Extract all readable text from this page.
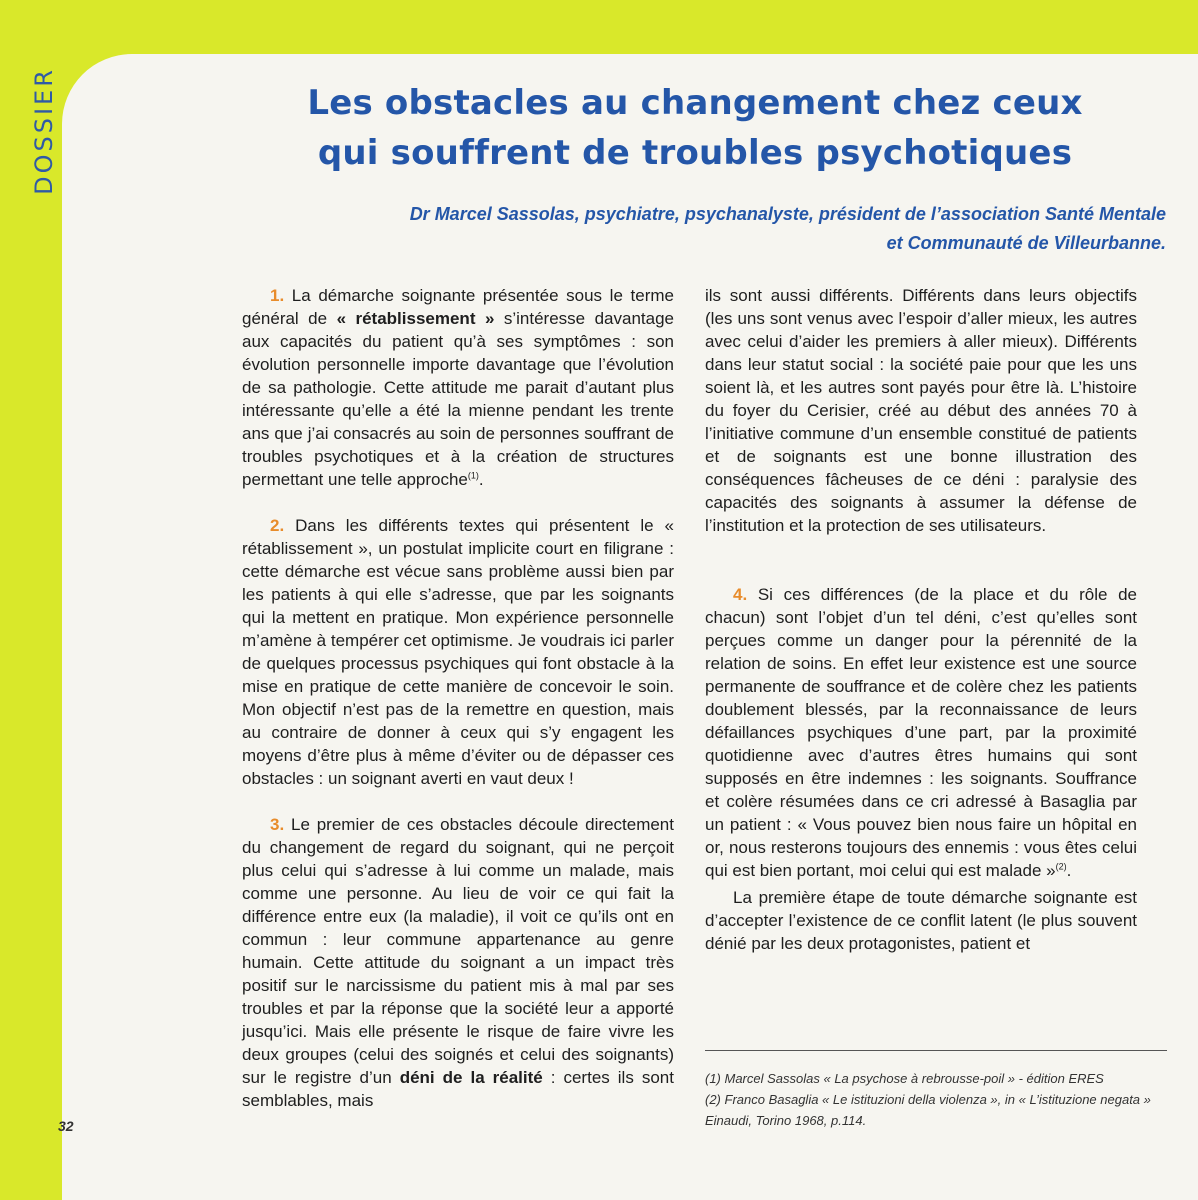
DOSSIER	Les obstacles au changement chez ceux
qui souffrent de troubles psychotiques

Dr Marcel Sassolas, psychiatre, psychanalyste, président de l’association Santé Mentale
et Communauté de Villeurbanne.

1. La démarche soignante présentée sous le terme général de « rétablissement » s’intéresse davantage aux capacités du patient qu’à ses symptômes : son évolution personnelle importe davantage que l’évolution de sa pathologie. Cette attitude me parait d’autant plus intéressante qu’elle a été la mienne pendant les trente ans que j’ai consacrés au soin de personnes souffrant de troubles psychotiques et à la création de structures permettant une telle approche$^{(1)}$.

2. Dans les différents textes qui présentent le « rétablissement », un postulat implicite court en filigrane : cette démarche est vécue sans problème aussi bien par les patients à qui elle s’adresse, que par les soignants qui la mettent en pratique. Mon expérience personnelle m’amène à tempérer cet optimisme. Je voudrais ici parler de quelques processus psychiques qui font obstacle à la mise en pratique de cette manière de concevoir le soin. Mon objectif n’est pas de la remettre en question, mais au contraire de donner à ceux qui s’y engagent les moyens d’être plus à même d’éviter ou de dépasser ces obstacles : un soignant averti en vaut deux !

3. Le premier de ces obstacles découle directement du changement de regard du soignant, qui ne perçoit plus celui qui s’adresse à lui comme un malade, mais comme une personne. Au lieu de voir ce qui fait la différence entre eux (la maladie), il voit ce qu’ils ont en commun : leur commune appartenance au genre humain. Cette attitude du soignant a un impact très positif sur le narcissisme du patient mis à mal par ses troubles et par la réponse que la société leur a apporté jusqu’ici. Mais elle présente le risque de faire vivre les deux groupes (celui des soignés et celui des soignants) sur le registre d’un déni de la réalité : certes ils sont semblables, mais

ils sont aussi différents. Différents dans leurs objectifs (les uns sont venus avec l’espoir d’aller mieux, les autres avec celui d’aider les premiers à aller mieux). Différents dans leur statut social : la société paie pour que les uns soient là, et les autres sont payés pour être là. L’histoire du foyer du Cerisier, créé au début des années 70 à l’initiative commune d’un ensemble constitué de patients et de soignants est une bonne illustration des conséquences fâcheuses de ce déni : paralysie des capacités des soignants à assumer la défense de l’institution et la protection de ses utilisateurs.

4. Si ces différences (de la place et du rôle de chacun) sont l’objet d’un tel déni, c’est qu’elles sont perçues comme un danger pour la pérennité de la relation de soins. En effet leur existence est une source permanente de souffrance et de colère chez les patients doublement blessés, par la reconnaissance de leurs défaillances psychiques d’une part, par la proximité quotidienne avec d’autres êtres humains qui sont supposés en être indemnes : les soignants. Souffrance et colère résumées dans ce cri adressé à Basaglia par un patient : « Vous pouvez bien nous faire un hôpital en or, nous resterons toujours des ennemis : vous êtes celui qui est bien portant, moi celui qui est malade »$^{(2)}$.

La première étape de toute démarche soignante est d’accepter l’existence de ce conflit latent (le plus souvent dénié par les deux protagonistes, patient et

(1) Marcel Sassolas « La psychose à rebrousse-poil » - édition ERES
(2) Franco Basaglia « Le istituzioni della violenza », in « L’istituzione negata » Einaudi, Torino 1968, p.114.
32
